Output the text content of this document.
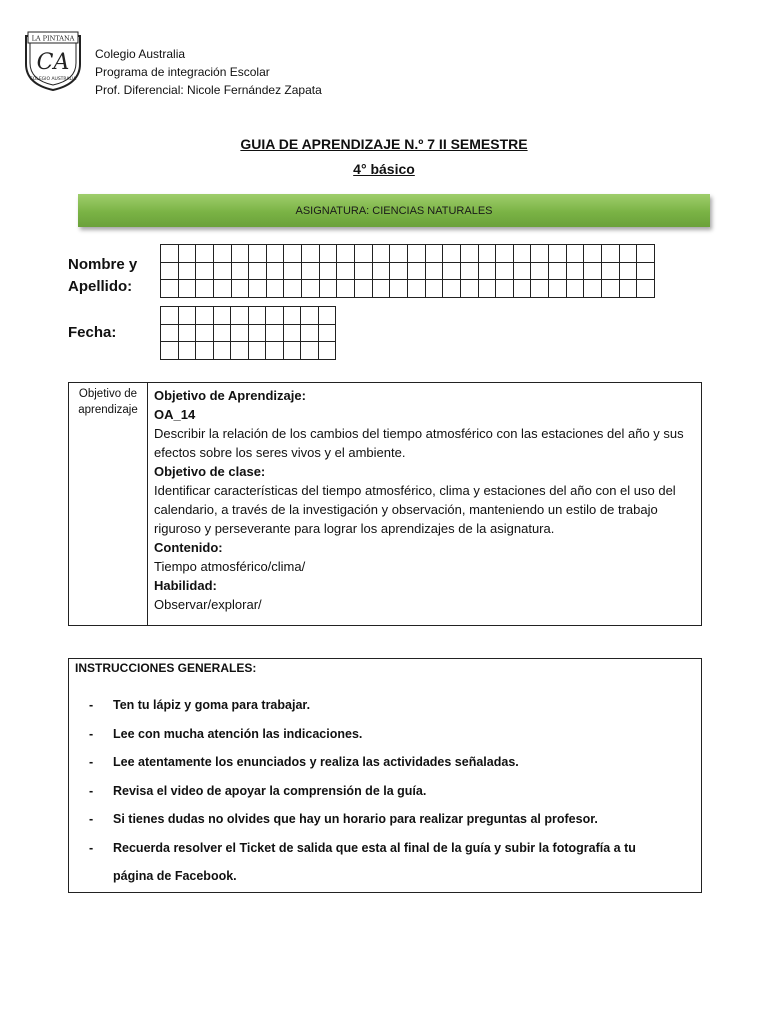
LA PINTANA
CA
COLEGIO AUSTRALIA
Colegio Australia
Programa de integración Escolar
Prof. Diferencial: Nicole Fernández Zapata
GUIA DE APRENDIZAJE N.º 7 II SEMESTRE
4° básico
ASIGNATURA: CIENCIAS NATURALES
Nombre y
Apellido:
Fecha:
Objetivo de
aprendizaje
Objetivo de Aprendizaje:
OA_14
Describir la relación de los cambios del tiempo atmosférico con las estaciones del año y sus efectos sobre los seres vivos y el ambiente.
Objetivo de clase:
Identificar características del tiempo atmosférico, clima y estaciones del año con el uso del calendario, a través de la investigación y observación, manteniendo un estilo de trabajo riguroso y perseverante para lograr los aprendizajes de la asignatura.
Contenido:
Tiempo atmosférico/clima/
Habilidad:
Observar/explorar/
INSTRUCCIONES GENERALES:
- Ten tu lápiz y goma para trabajar.
- Lee con mucha atención las indicaciones.
- Lee atentamente los enunciados y realiza las actividades señaladas.
- Revisa el video de apoyar la comprensión de la guía.
- Si tienes dudas no olvides que hay un horario para realizar preguntas al profesor.
- Recuerda resolver el Ticket de salida que esta al final de la guía y subir la fotografía a tu página de Facebook.
